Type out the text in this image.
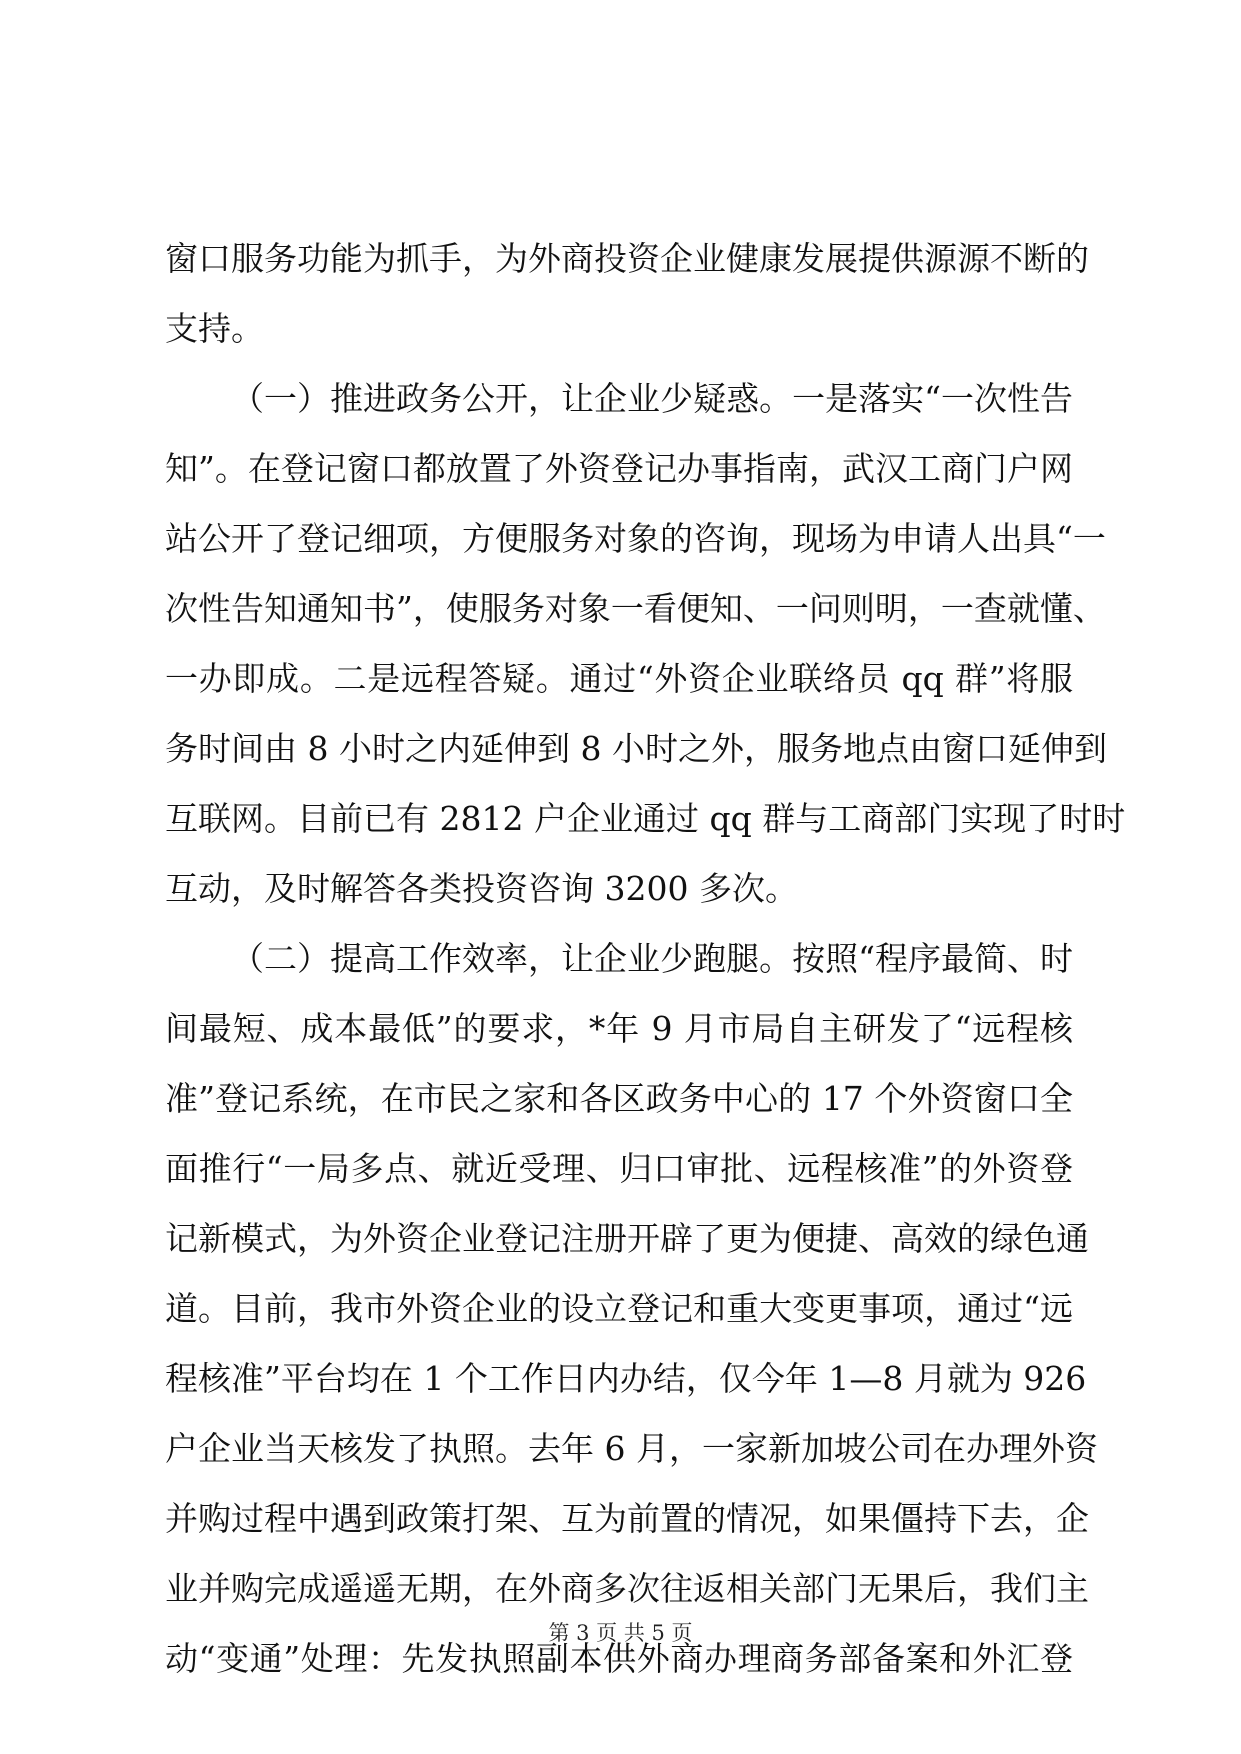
窗口服务功能为抓手，为外商投资企业健康发展提供源源不断的
支持。
（一）推进政务公开，让企业少疑惑。一是落实“一次性告
知”。在登记窗口都放置了外资登记办事指南，武汉工商门户网
站公开了登记细项，方便服务对象的咨询，现场为申请人出具“一
次性告知通知书”，使服务对象一看便知、一问则明，一查就懂、
一办即成。二是远程答疑。通过“外资企业联络员 qq 群”将服
务时间由 8 小时之内延伸到 8 小时之外，服务地点由窗口延伸到
互联网。目前已有 2812 户企业通过 qq 群与工商部门实现了时时
互动，及时解答各类投资咨询 3200 多次。
（二）提高工作效率，让企业少跑腿。按照“程序最简、时
间最短、成本最低”的要求，*年 9 月市局自主研发了“远程核
准”登记系统，在市民之家和各区政务中心的 17 个外资窗口全
面推行“一局多点、就近受理、归口审批、远程核准”的外资登
记新模式，为外资企业登记注册开辟了更为便捷、高效的绿色通
道。目前，我市外资企业的设立登记和重大变更事项，通过“远
程核准”平台均在 1 个工作日内办结，仅今年 1—8 月就为 926
户企业当天核发了执照。去年 6 月，一家新加坡公司在办理外资
并购过程中遇到政策打架、互为前置的情况，如果僵持下去，企
业并购完成遥遥无期，在外商多次往返相关部门无果后，我们主
动“变通”处理：先发执照副本供外商办理商务部备案和外汇登
第 3 页 共 5 页
